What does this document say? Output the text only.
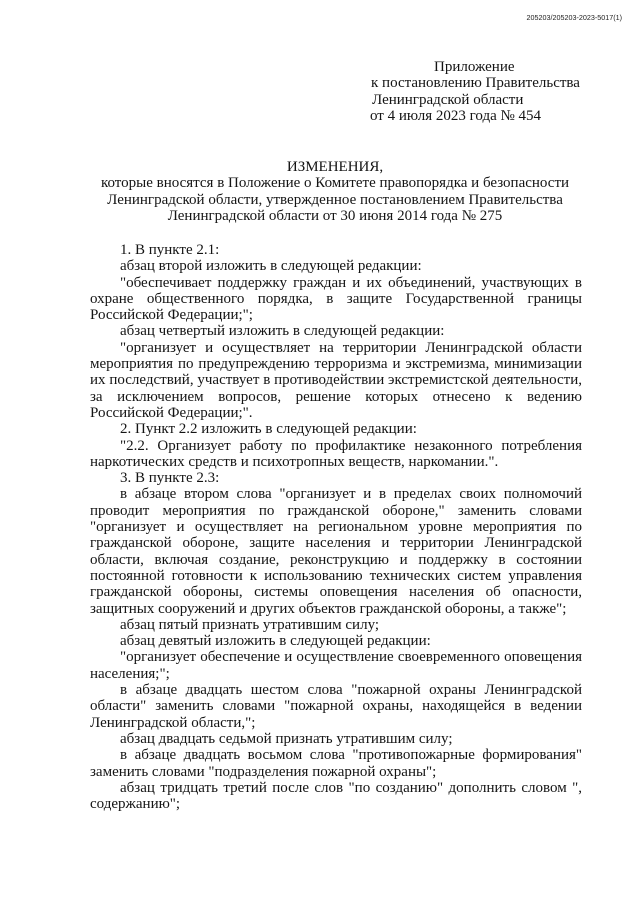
205203/205203-2023-5017(1)
Приложение
к постановлению Правительства
Ленинградской области
от 4 июля 2023 года № 454
ИЗМЕНЕНИЯ,
которые вносятся в Положение о Комитете правопорядка и безопасности
Ленинградской области, утвержденное постановлением Правительства
Ленинградской области от 30 июня 2014 года № 275
1. В пункте 2.1:
абзац второй изложить в следующей редакции:
"обеспечивает поддержку граждан и их объединений, участвующих в охране общественного порядка, в защите Государственной границы Российской Федерации;";
абзац четвертый изложить в следующей редакции:
"организует и осуществляет на территории Ленинградской области мероприятия по предупреждению терроризма и экстремизма, минимизации их последствий, участвует в противодействии экстремистской деятельности, за исключением вопросов, решение которых отнесено к ведению Российской Федерации;".
2. Пункт 2.2 изложить в следующей редакции:
"2.2. Организует работу по профилактике незаконного потребления наркотических средств и психотропных веществ, наркомании.".
3. В пункте 2.3:
в абзаце втором слова "организует и в пределах своих полномочий проводит мероприятия по гражданской обороне," заменить словами "организует и осуществляет на региональном уровне мероприятия по гражданской обороне, защите населения и территории Ленинградской области, включая создание, реконструкцию и поддержку в состоянии постоянной готовности к использованию технических систем управления гражданской обороны, системы оповещения населения об опасности, защитных сооружений и других объектов гражданской обороны, а также";
абзац пятый признать утратившим силу;
абзац девятый изложить в следующей редакции:
"организует обеспечение и осуществление своевременного оповещения населения;";
в абзаце двадцать шестом слова "пожарной охраны Ленинградской области" заменить словами "пожарной охраны, находящейся в ведении Ленинградской области,";
абзац двадцать седьмой признать утратившим силу;
в абзаце двадцать восьмом слова "противопожарные формирования" заменить словами "подразделения пожарной охраны";
абзац тридцать третий после слов "по созданию" дополнить словом ", содержанию";
